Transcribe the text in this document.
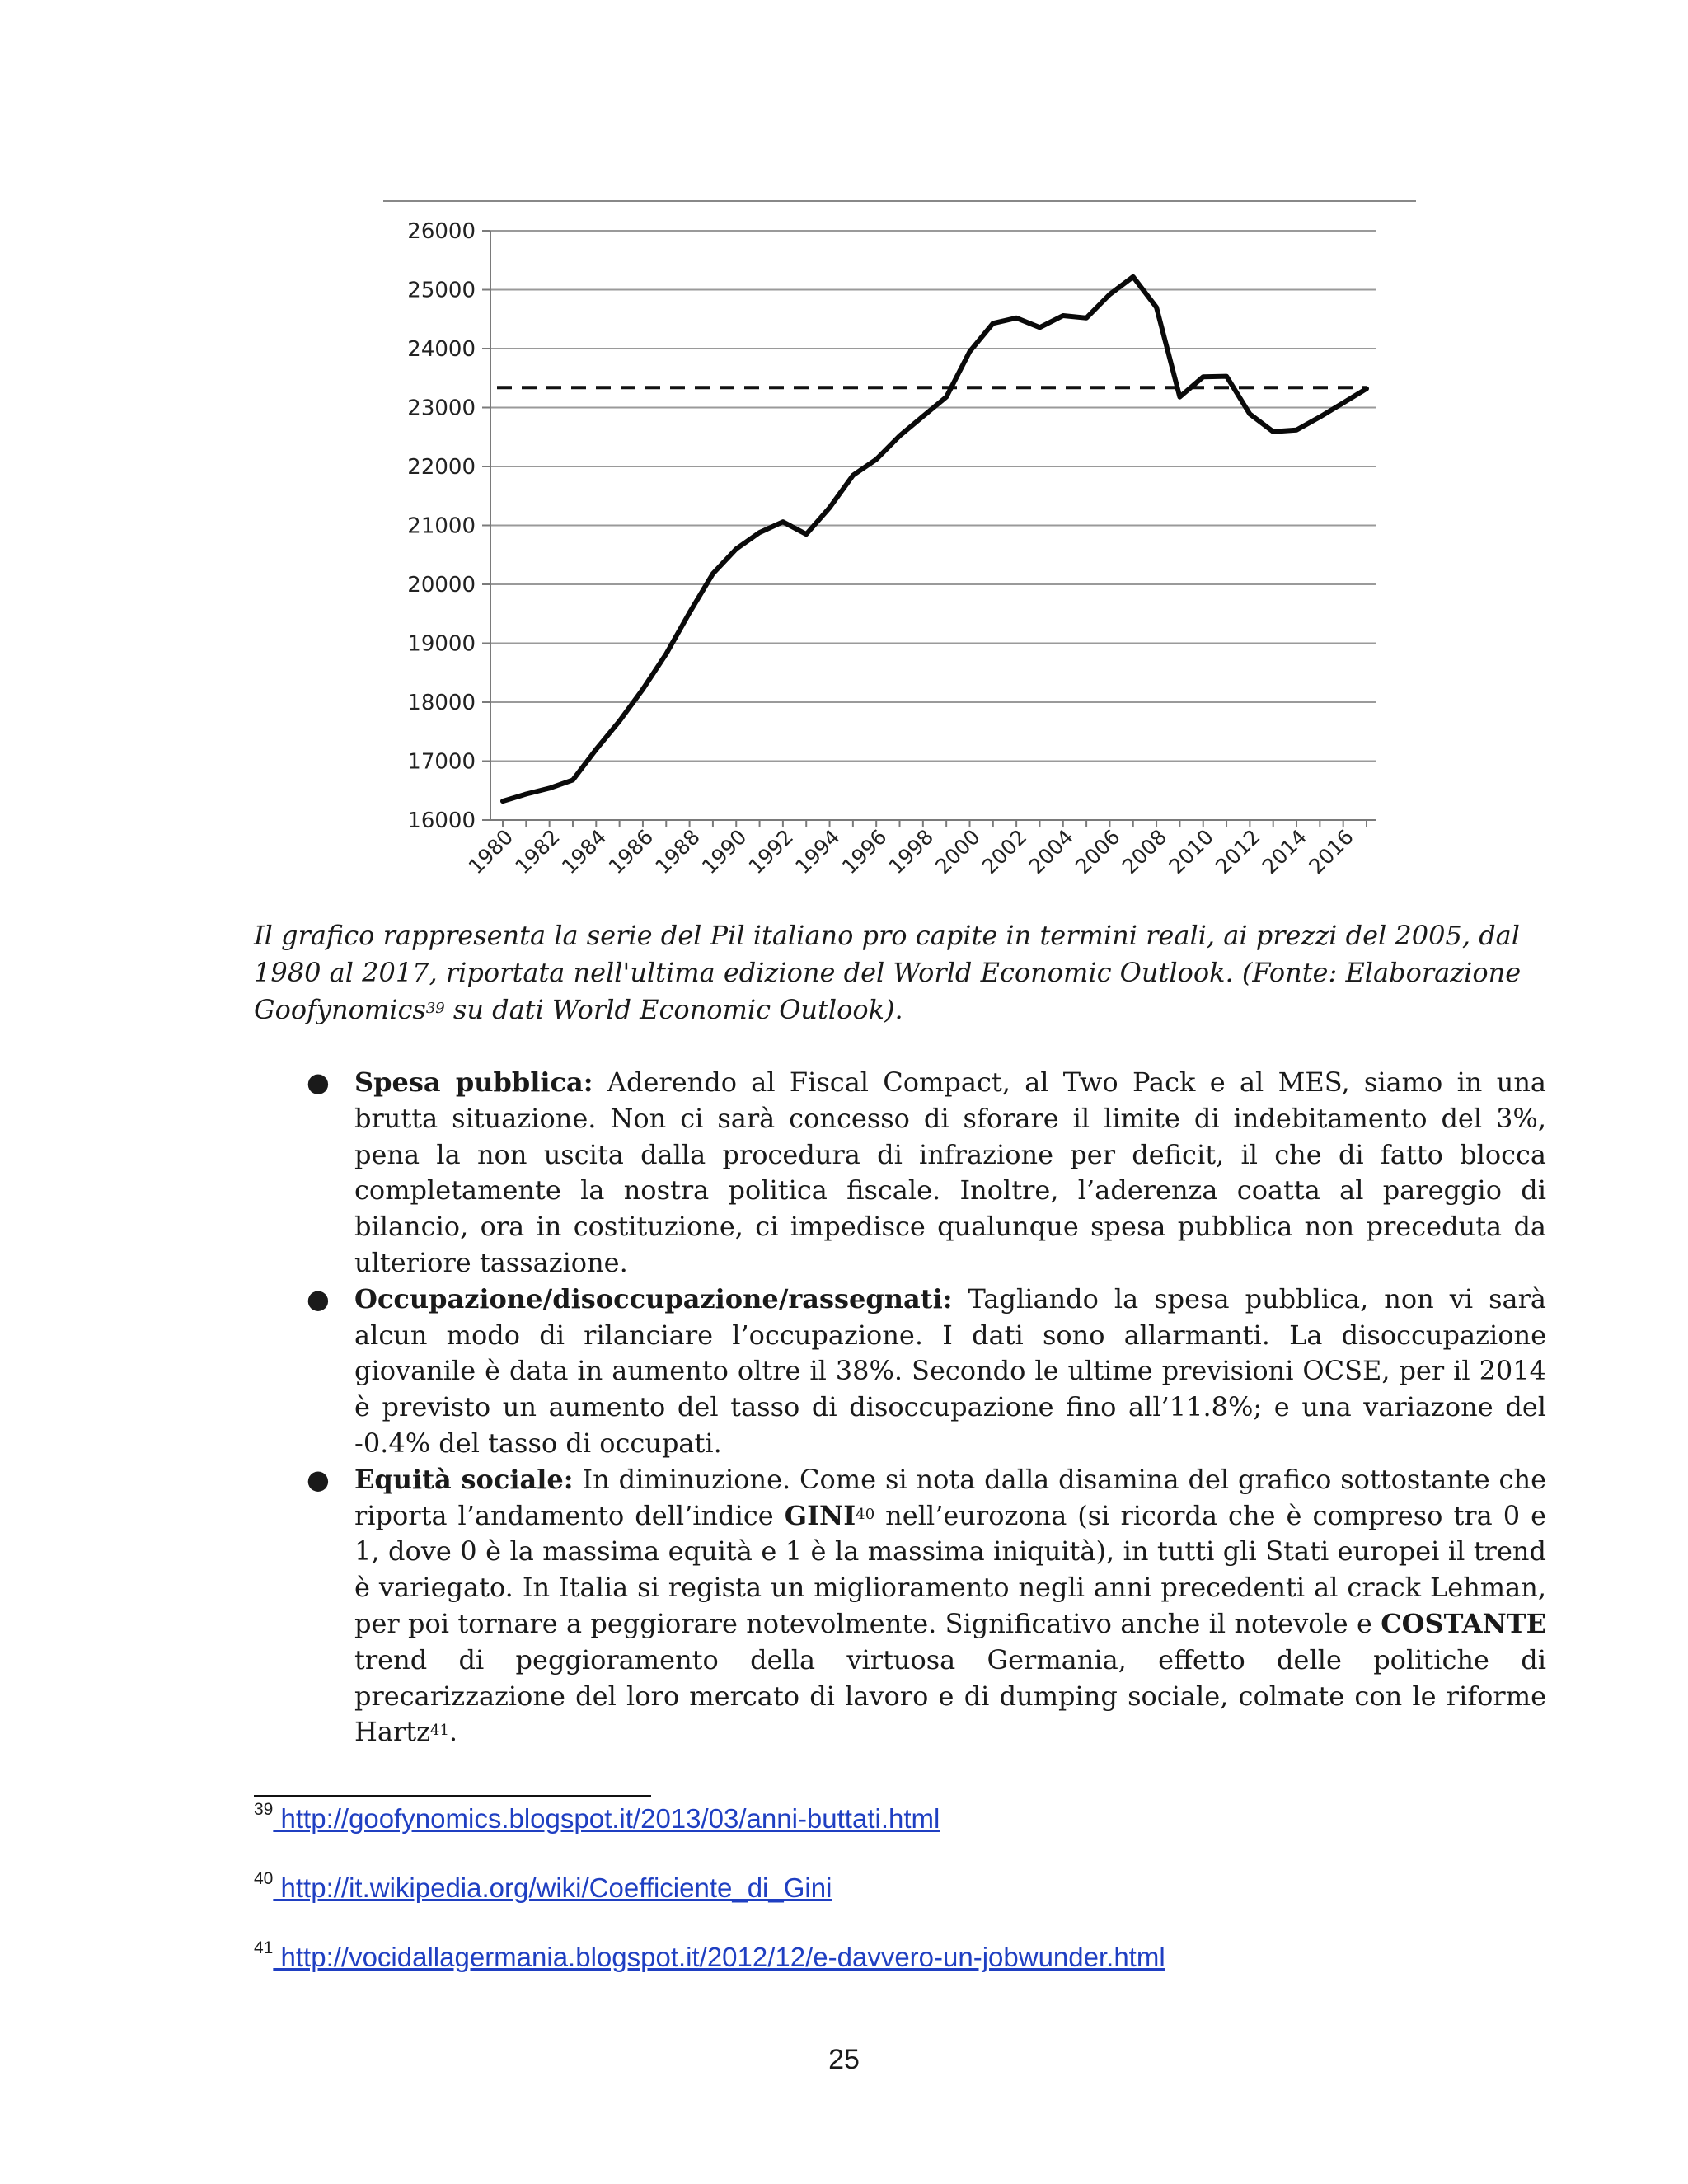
16000
17000
18000
19000
20000
21000
22000
23000
24000
25000
26000
1980
1982
1984
1986
1988
1990
1992
1994
1996
1998
2000
2002
2004
2006
2008
2010
2012
2014
2016

Il grafico rappresenta la serie del Pil italiano pro capite in termini reali, ai prezzi del 2005, dal 1980 al 2017, riportata nell'ultima edizione del World Economic Outlook. (Fonte: Elaborazione Goofynomics$^{39}$ su dati World Economic Outlook).

● Spesa pubblica: Aderendo al Fiscal Compact, al Two Pack e al MES, siamo in una brutta situazione. Non ci sarà concesso di sforare il limite di indebitamento del 3%, pena la non uscita dalla procedura di infrazione per deficit, il che di fatto blocca completamente la nostra politica fiscale. Inoltre, l’aderenza coatta al pareggio di bilancio, ora in costituzione, ci impedisce qualunque spesa pubblica non preceduta da ulteriore tassazione.
● Occupazione/disoccupazione/rassegnati: Tagliando la spesa pubblica, non vi sarà alcun modo di rilanciare l’occupazione. I dati sono allarmanti. La disoccupazione giovanile è data in aumento oltre il 38%. Secondo le ultime previsioni OCSE, per il 2014 è previsto un aumento del tasso di disoccupazione fino all’11.8%; e una variazone del -0.4% del tasso di occupati.
● Equità sociale: In diminuzione. Come si nota dalla disamina del grafico sottostante che riporta l’andamento dell’indice GINI$^{40}$ nell’eurozona (si ricorda che è compreso tra 0 e 1, dove 0 è la massima equità e 1 è la massima iniquità), in tutti gli Stati europei il trend è variegato. In Italia si regista un miglioramento negli anni precedenti al crack Lehman, per poi tornare a peggiorare notevolmente. Significativo anche il notevole e COSTANTE trend di peggioramento della virtuosa Germania, effetto delle politiche di precarizzazione del loro mercato di lavoro e di dumping sociale, colmate con le riforme Hartz$^{41}$.
$^{39}$ http://goofynomics.blogspot.it/2013/03/anni-buttati.html
$^{40}$ http://it.wikipedia.org/wiki/Coefficiente_di_Gini
$^{41}$ http://vocidallagermania.blogspot.it/2012/12/e-davvero-un-jobwunder.html
25
